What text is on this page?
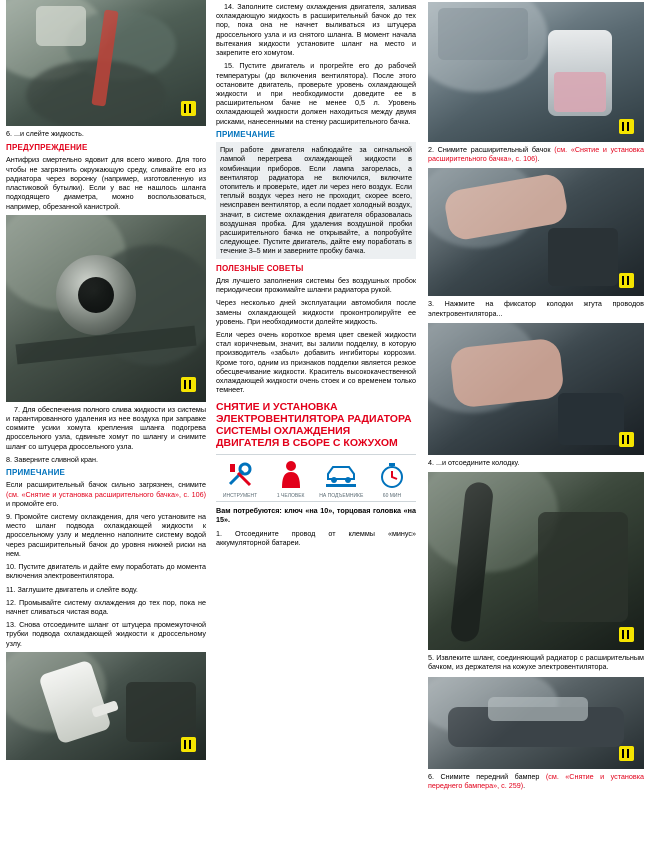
6. ...и слейте жидкость.

ПРЕДУПРЕЖДЕНИЕ

Антифриз смертельно ядовит для всего живого. Для того чтобы не загрязнить окружающую среду, сливайте его из радиатора через воронку (например, изготовленную из пластиковой бутылки). Если у вас не нашлось шланга подходящего диаметра, можно воспользоваться, например, обрезанной канистрой.

7. Для обеспечения полного слива жидкости из системы и гарантированного удаления из нее воздуха при заправке сожмите усики хомута крепления шланга подогрева дроссельного узла, сдвиньте хомут по шлангу и снимите шланг со штуцера дроссельного узла.

8. Заверните сливной кран.

ПРИМЕЧАНИЕ

Если расширительный бачок сильно загрязнен, снимите (см. «Снятие и установка расширительного бачка», с. 106) и промойте его.

9. Промойте систему охлаждения, для чего установите на место шланг подвода охлаждающей жидкости к дроссельному узлу и медленно наполните систему водой через расширительный бачок до уровня нижней риски на нем.

10. Пустите двигатель и дайте ему поработать до момента включения электровентилятора.

11. Заглушите двигатель и слейте воду.

12. Промывайте систему охлаждения до тех пор, пока не начнет сливаться чистая вода.

13. Снова отсоедините шланг от штуцера промежуточной трубки подвода охлаждающей жидкости к дроссельному узлу.

14. Заполните систему охлаждения двигателя, заливая охлаждающую жидкость в расширительный бачок до тех пор, пока она не начнет выливаться из штуцера дроссельного узла и из снятого шланга. В момент начала вытекания жидкости установите шланг на место и закрепите его хомутом.

15. Пустите двигатель и прогрейте его до рабочей температуры (до включения вентилятора). После этого остановите двигатель, проверьте уровень охлаждающей жидкости и при необходимости доведите ее в расширительном бачке не менее 0,5 л. Уровень охлаждающей жидкости должен находиться между двумя рисками, нанесенными на стенку расширительного бачка.

ПРИМЕЧАНИЕ

При работе двигателя наблюдайте за сигнальной лампой перегрева охлаждающей жидкости в комбинации приборов. Если лампа загорелась, а вентилятор радиатора не включился, включите отопитель и проверьте, идет ли через него воздух. Если теплый воздух через него не проходит, скорее всего, неисправен вентилятор, а если подает холодный воздух, значит, в системе охлаждения двигателя образовалась воздушная пробка. Для удаления воздушной пробки расширительного бачка не открывайте, а попробуйте следующее. Пустите двигатель, дайте ему поработать в течение 3–5 мин и заверните пробку бачка.

ПОЛЕЗНЫЕ СОВЕТЫ

Для лучшего заполнения системы без воздушных пробок периодически прожимайте шланги радиатора рукой.

Через несколько дней эксплуатации автомобиля после замены охлаждающей жидкости проконтролируйте ее уровень. При необходимости долейте жидкость.

Если через очень короткое время цвет свежей жидкости стал коричневым, значит, вы залили подделку, в которую производитель «забыл» добавить ингибиторы коррозии. Кроме того, одним из признаков подделки является резкое обесцвечивание жидкости. Краситель высококачественной охлаждающей жидкости очень стоек и со временем только темнеет.

СНЯТИЕ И УСТАНОВКА ЭЛЕКТРОВЕНТИЛЯТОРА РАДИАТОРА СИСТЕМЫ ОХЛАЖДЕНИЯ ДВИГАТЕЛЯ В СБОРЕ С КОЖУХОМ
ИНСТРУМЕНТ	1 ЧЕЛОВЕК	НА ПОДЪЕМНИКЕ	60 МИН

Вам потребуются: ключ «на 10», торцовая головка «на 15».

1. Отсоедините провод от клеммы «минус» аккумуляторной батареи.

2. Снимите расширительный бачок (см. «Снятие и установка расширительного бачка», с. 106).

3. Нажмите на фиксатор колодки жгута проводов электровентилятора...

4. ...и отсоедините колодку.

5. Извлеките шланг, соединяющий радиатор с расширительным бачком, из держателя на кожухе электровентилятора.

6. Снимите передний бампер (см. «Снятие и установка переднего бампера», с. 259).
